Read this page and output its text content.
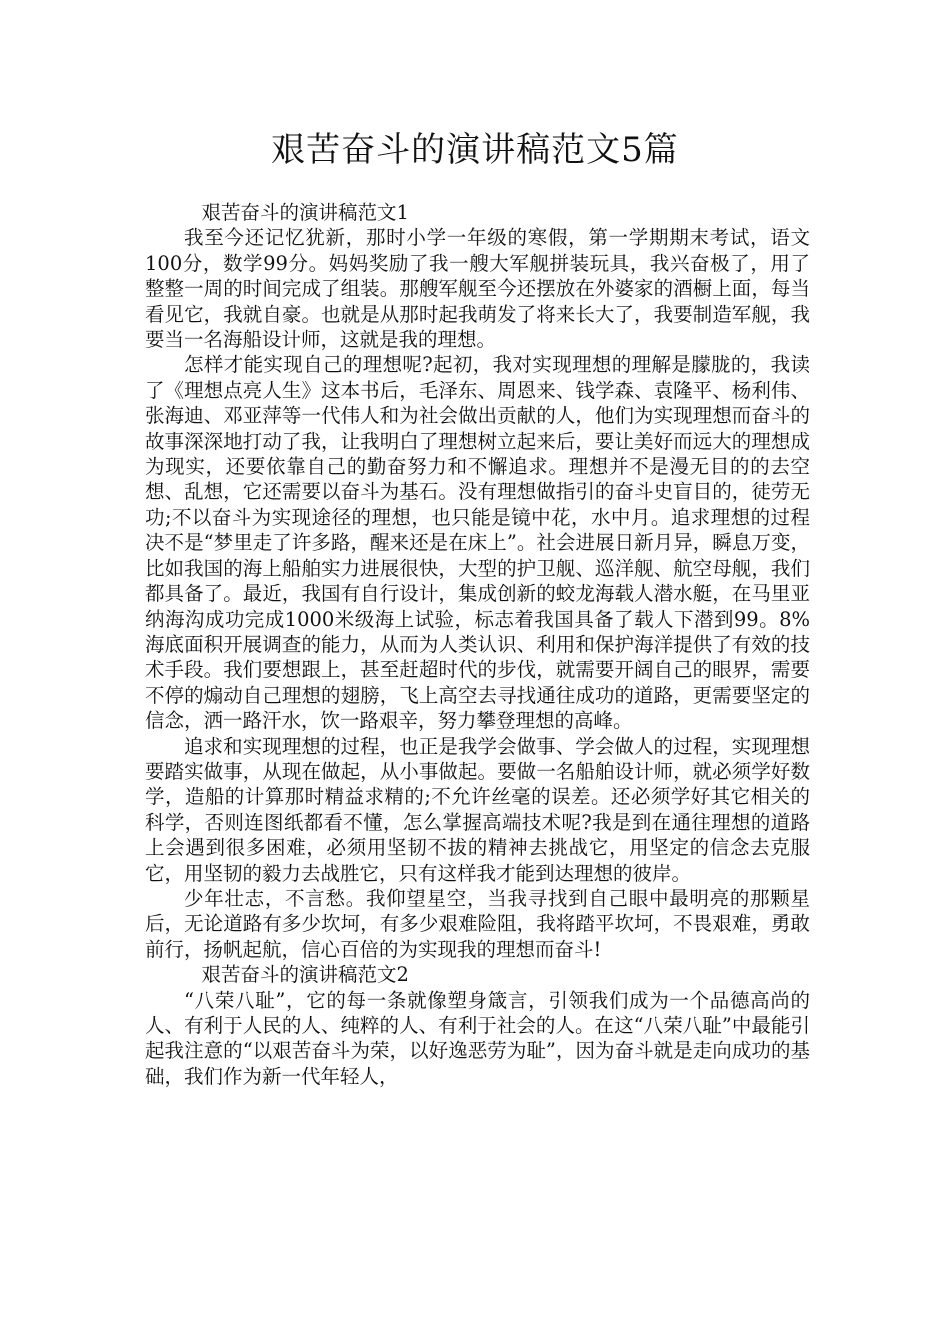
艰苦奋斗的演讲稿范文5篇

艰苦奋斗的演讲稿范文1

我至今还记忆犹新，那时小学一年级的寒假，第一学期期末考试，语文100分，数学99分。妈妈奖励了我一艘大军舰拼装玩具，我兴奋极了，用了整整一周的时间完成了组装。那艘军舰至今还摆放在外婆家的酒橱上面，每当看见它，我就自豪。也就是从那时起我萌发了将来长大了，我要制造军舰，我要当一名海船设计师，这就是我的理想。

怎样才能实现自己的理想呢?起初，我对实现理想的理解是朦胧的，我读了《理想点亮人生》这本书后，毛泽东、周恩来、钱学森、袁隆平、杨利伟、张海迪、邓亚萍等一代伟人和为社会做出贡献的人，他们为实现理想而奋斗的故事深深地打动了我，让我明白了理想树立起来后，要让美好而远大的理想成为现实，还要依靠自己的勤奋努力和不懈追求。理想并不是漫无目的的去空想、乱想，它还需要以奋斗为基石。没有理想做指引的奋斗史盲目的，徒劳无功;不以奋斗为实现途径的理想，也只能是镜中花，水中月。追求理想的过程决不是“梦里走了许多路，醒来还是在床上”。社会进展日新月异，瞬息万变，比如我国的海上船舶实力进展很快，大型的护卫舰、巡洋舰、航空母舰，我们都具备了。最近，我国有自行设计，集成创新的蛟龙海载人潜水艇，在马里亚纳海沟成功完成1000米级海上试验，标志着我国具备了载人下潜到99。8%海底面积开展调查的能力，从而为人类认识、利用和保护海洋提供了有效的技术手段。我们要想跟上，甚至赶超时代的步伐，就需要开阔自己的眼界，需要不停的煽动自己理想的翅膀，飞上高空去寻找通往成功的道路，更需要坚定的信念，洒一路汗水，饮一路艰辛，努力攀登理想的高峰。

追求和实现理想的过程，也正是我学会做事、学会做人的过程，实现理想要踏实做事，从现在做起，从小事做起。要做一名船舶设计师，就必须学好数学，造船的计算那时精益求精的;不允许丝毫的误差。还必须学好其它相关的科学，否则连图纸都看不懂，怎么掌握高端技术呢?我是到在通往理想的道路上会遇到很多困难，必须用坚韧不拔的精神去挑战它，用坚定的信念去克服它，用坚韧的毅力去战胜它，只有这样我才能到达理想的彼岸。

少年壮志，不言愁。我仰望星空，当我寻找到自己眼中最明亮的那颗星后，无论道路有多少坎坷，有多少艰难险阻，我将踏平坎坷，不畏艰难，勇敢前行，扬帆起航，信心百倍的为实现我的理想而奋斗!

艰苦奋斗的演讲稿范文2

“八荣八耻”，它的每一条就像塑身箴言，引领我们成为一个品德高尚的人、有利于人民的人、纯粹的人、有利于社会的人。在这“八荣八耻”中最能引起我注意的“以艰苦奋斗为荣，以好逸恶劳为耻”，因为奋斗就是走向成功的基础，我们作为新一代年轻人，
